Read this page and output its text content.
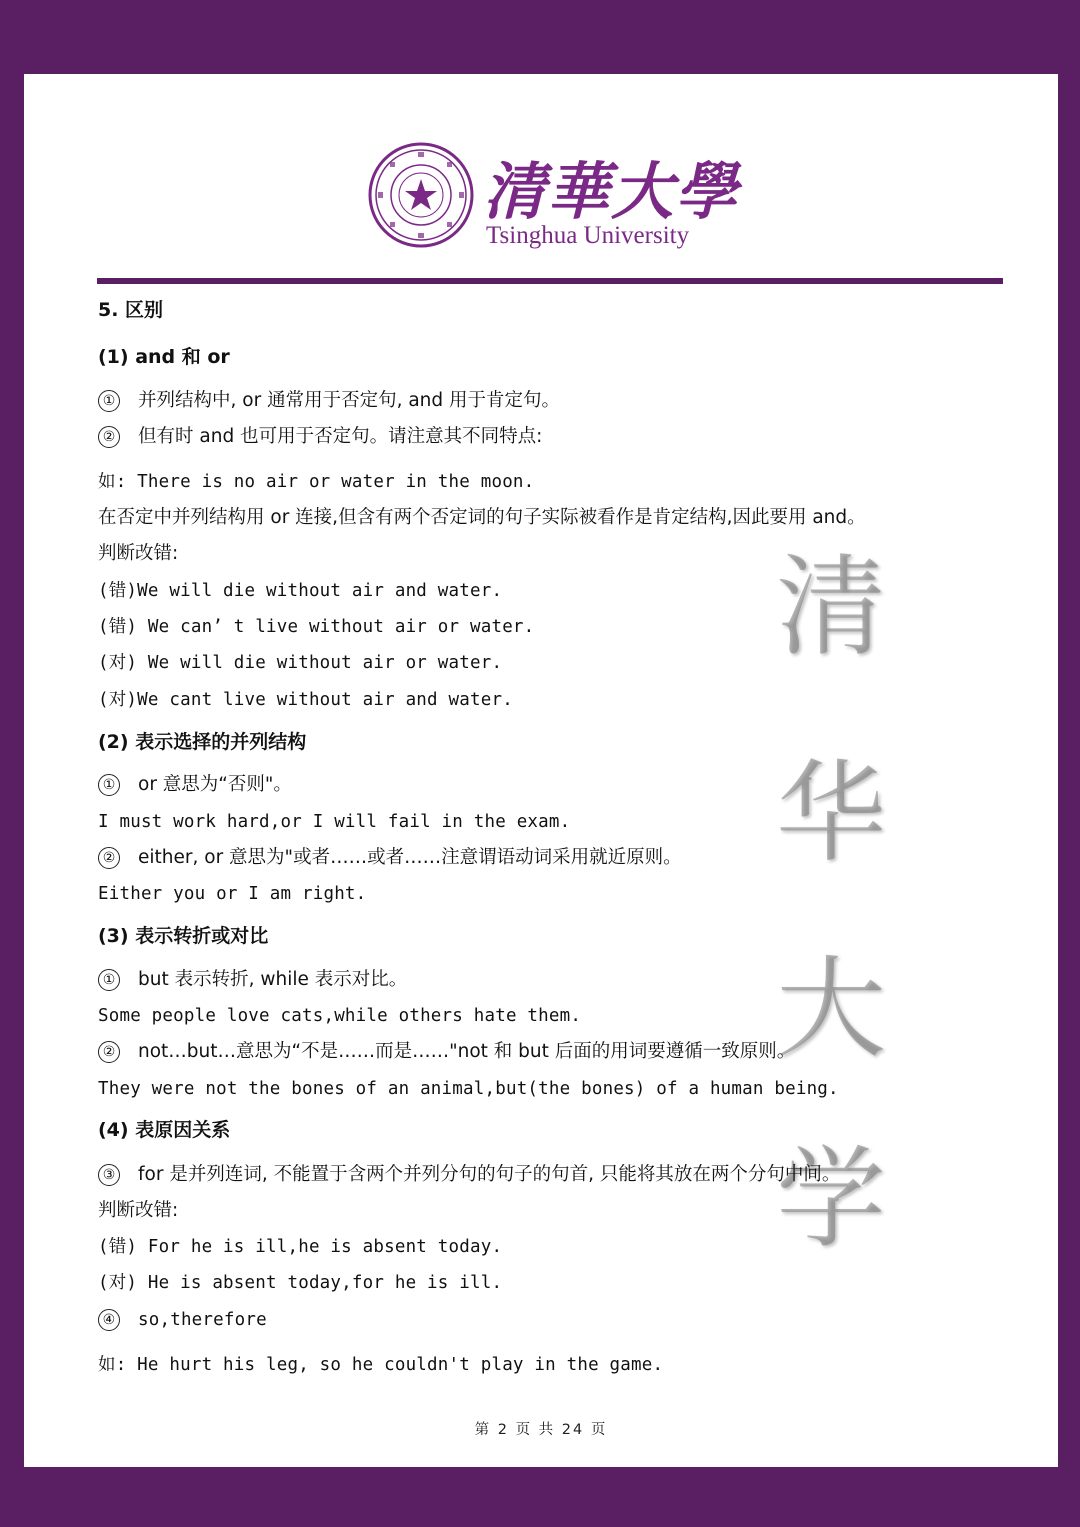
清華大學
Tsinghua University
清
华
大
学
5. 区别
(1) and 和 or
① 并列结构中, or 通常用于否定句, and 用于肯定句。
② 但有时 and 也可用于否定句。请注意其不同特点:
如: There is no air or water in the moon.
在否定中并列结构用 or 连接,但含有两个否定词的句子实际被看作是肯定结构,因此要用 and。
判断改错:
(错)We will die without air and water.
(错) We can’ t live without air or water.
(对) We will die without air or water.
(对)We cant live without air and water.
(2) 表示选择的并列结构
① or 意思为“否则"。
I must work hard,or I will fail in the exam.
② either, or 意思为"或者……或者……注意谓语动词采用就近原则。
Either you or I am right.
(3) 表示转折或对比
① but 表示转折, while 表示对比。
Some people love cats,while others hate them.
② not…but…意思为“不是……而是……"not 和 but 后面的用词要遵循一致原则。
They were not the bones of an animal,but(the bones) of a human being.
(4) 表原因关系
③ for 是并列连词, 不能置于含两个并列分句的句子的句首, 只能将其放在两个分句中间。
判断改错:
(错) For he is ill,he is absent today.
(对) He is absent today,for he is ill.
④ so,therefore
如: He hurt his leg, so he couldn't play in the game.
第 2 页 共 24 页
